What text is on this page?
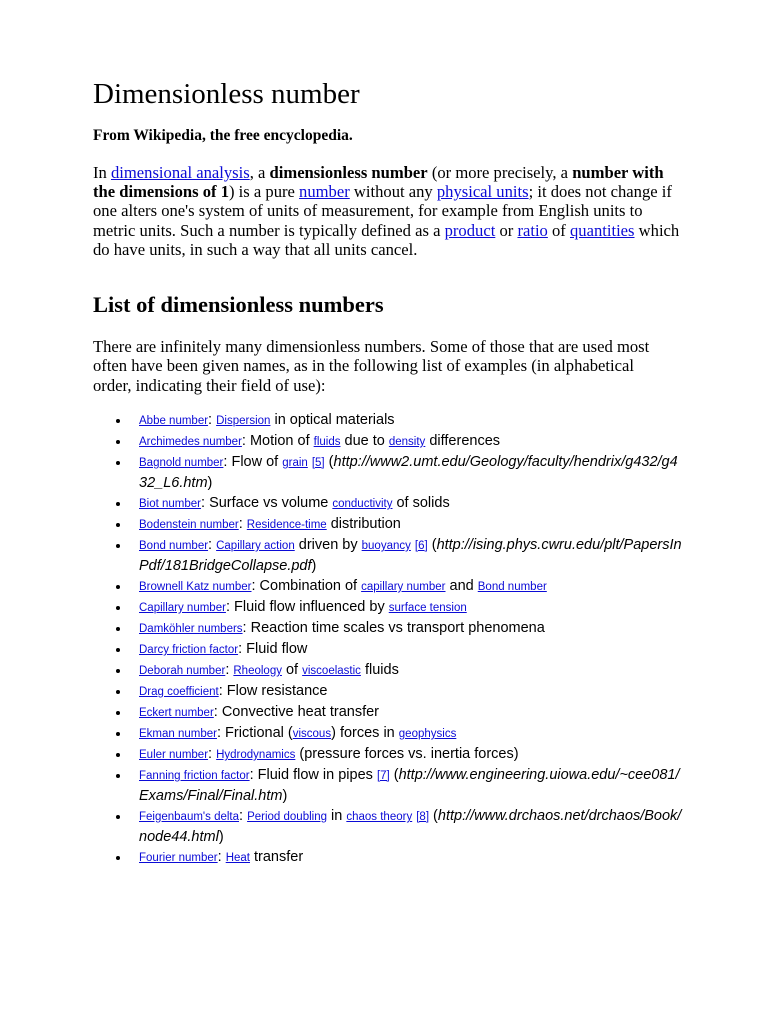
Dimensionless number

From Wikipedia, the free encyclopedia.

In dimensional analysis, a dimensionless number (or more precisely, a number with the dimensions of 1) is a pure number without any physical units; it does not change if one alters one's system of units of measurement, for example from English units to metric units. Such a number is typically defined as a product or ratio of quantities which do have units, in such a way that all units cancel.

List of dimensionless numbers

There are infinitely many dimensionless numbers. Some of those that are used most often have been given names, as in the following list of examples (in alphabetical order, indicating their field of use):

Abbe number: Dispersion in optical materials
Archimedes number: Motion of fluids due to density differences
Bagnold number: Flow of grain [5] (http://www2.umt.edu/Geology/faculty/hendrix/g432/g432_L6.htm)
Biot number: Surface vs volume conductivity of solids
Bodenstein number: Residence-time distribution
Bond number: Capillary action driven by buoyancy [6] (http://ising.phys.cwru.edu/plt/PapersInPdf/181BridgeCollapse.pdf)
Brownell Katz number: Combination of capillary number and Bond number
Capillary number: Fluid flow influenced by surface tension
Damköhler numbers: Reaction time scales vs transport phenomena
Darcy friction factor: Fluid flow
Deborah number: Rheology of viscoelastic fluids
Drag coefficient: Flow resistance
Eckert number: Convective heat transfer
Ekman number: Frictional (viscous) forces in geophysics
Euler number: Hydrodynamics (pressure forces vs. inertia forces)
Fanning friction factor: Fluid flow in pipes [7] (http://www.engineering.uiowa.edu/~cee081/Exams/Final/Final.htm)
Feigenbaum's delta: Period doubling in chaos theory [8] (http://www.drchaos.net/drchaos/Book/node44.html)
Fourier number: Heat transfer
